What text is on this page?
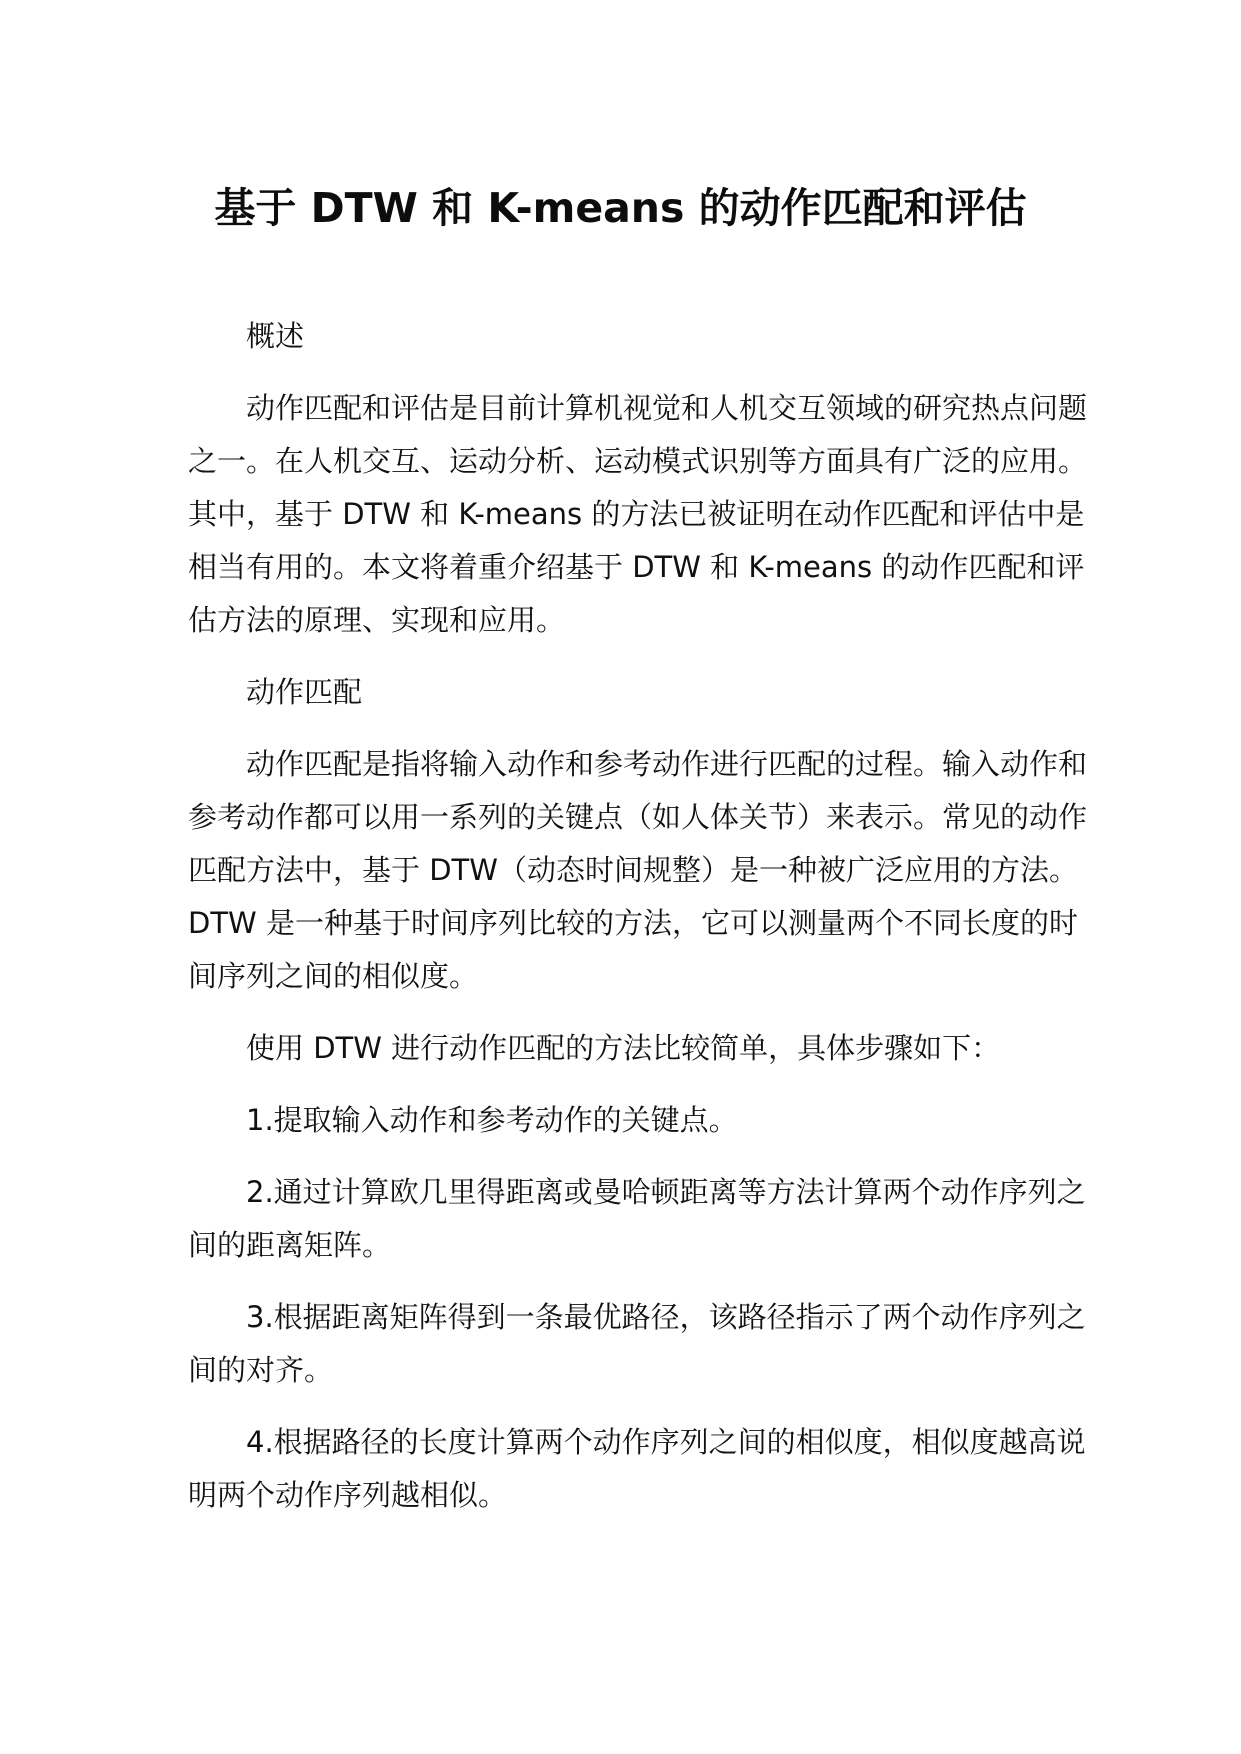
基于 DTW 和 K-means 的动作匹配和评估

概述

动作匹配和评估是目前计算机视觉和人机交互领域的研究热点问题之一。在人机交互、运动分析、运动模式识别等方面具有广泛的应用。其中，基于 DTW 和 K-means 的方法已被证明在动作匹配和评估中是相当有用的。本文将着重介绍基于 DTW 和 K-means 的动作匹配和评估方法的原理、实现和应用。

动作匹配

动作匹配是指将输入动作和参考动作进行匹配的过程。输入动作和参考动作都可以用一系列的关键点（如人体关节）来表示。常见的动作匹配方法中，基于 DTW（动态时间规整）是一种被广泛应用的方法。DTW 是一种基于时间序列比较的方法，它可以测量两个不同长度的时间序列之间的相似度。

使用 DTW 进行动作匹配的方法比较简单，具体步骤如下：

1.提取输入动作和参考动作的关键点。

2.通过计算欧几里得距离或曼哈顿距离等方法计算两个动作序列之间的距离矩阵。

3.根据距离矩阵得到一条最优路径，该路径指示了两个动作序列之间的对齐。

4.根据路径的长度计算两个动作序列之间的相似度，相似度越高说明两个动作序列越相似。
